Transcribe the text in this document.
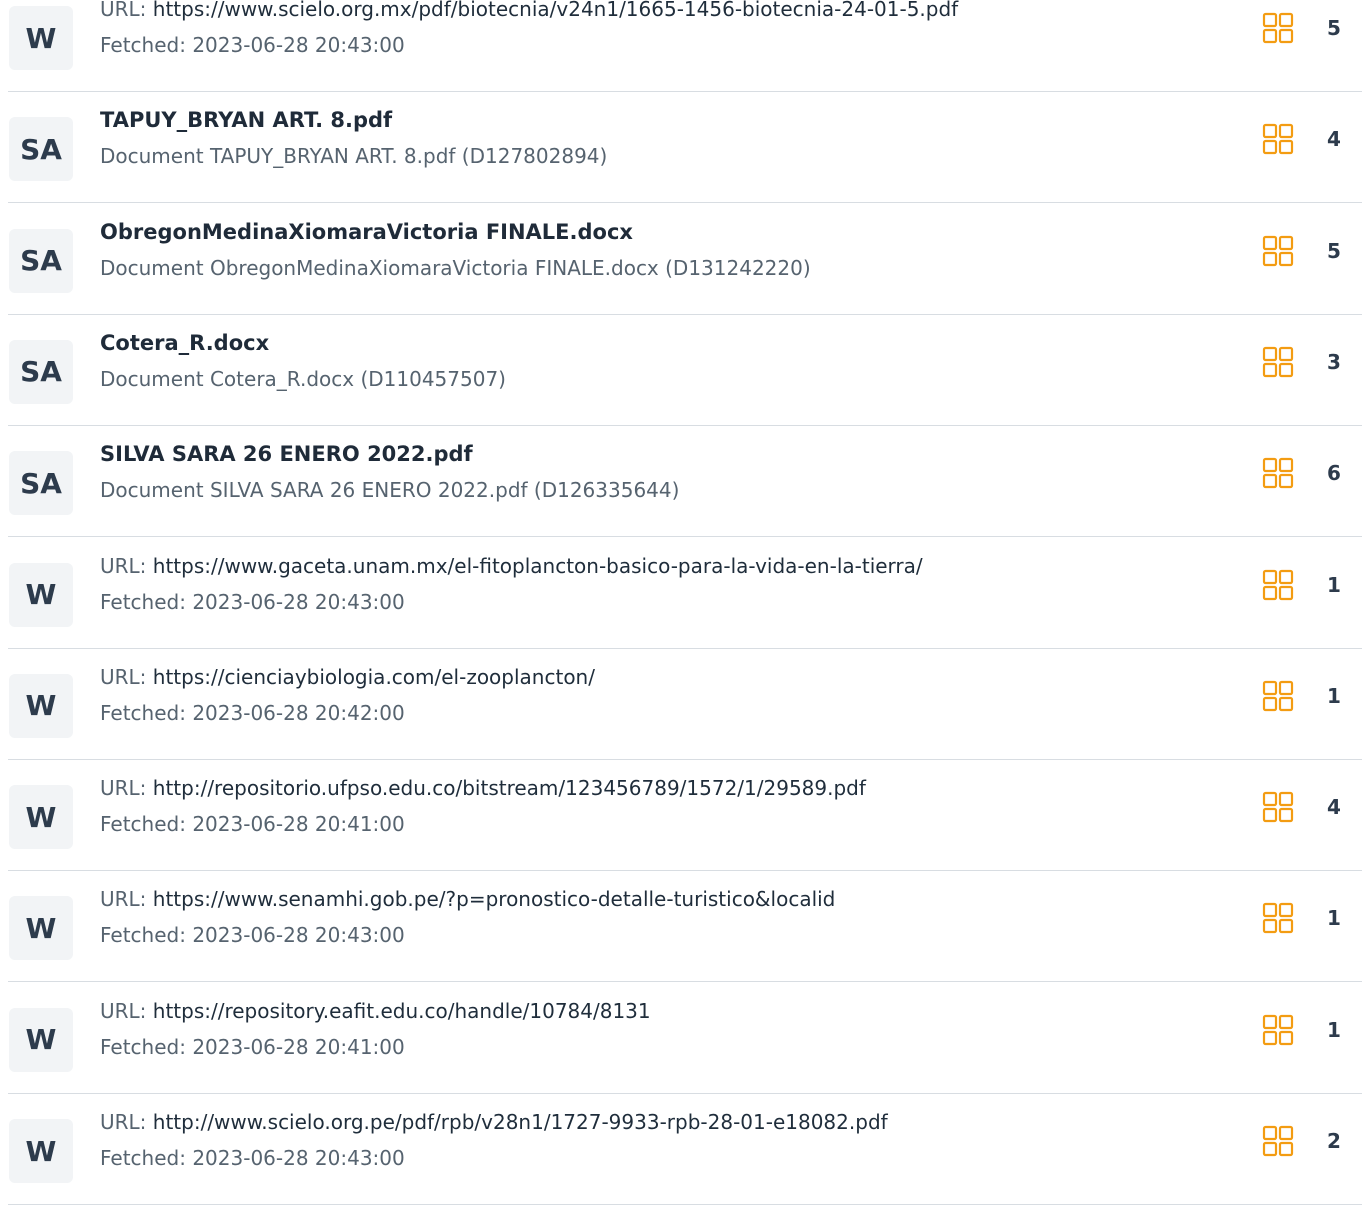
W
URL: https://www.scielo.org.mx/pdf/biotecnia/v24n1/1665-1456-biotecnia-24-01-5.pdf
Fetched: 2023-06-28 20:43:00
5
SA
TAPUY_BRYAN ART. 8.pdf
Document TAPUY_BRYAN ART. 8.pdf (D127802894)
4
SA
ObregonMedinaXiomaraVictoria FINALE.docx
Document ObregonMedinaXiomaraVictoria FINALE.docx (D131242220)
5
SA
Cotera_R.docx
Document Cotera_R.docx (D110457507)
3
SA
SILVA SARA 26 ENERO 2022.pdf
Document SILVA SARA 26 ENERO 2022.pdf (D126335644)
6
W
URL: https://www.gaceta.unam.mx/el-fitoplancton-basico-para-la-vida-en-la-tierra/
Fetched: 2023-06-28 20:43:00
1
W
URL: https://cienciaybiologia.com/el-zooplancton/
Fetched: 2023-06-28 20:42:00
1
W
URL: http://repositorio.ufpso.edu.co/bitstream/123456789/1572/1/29589.pdf
Fetched: 2023-06-28 20:41:00
4
W
URL: https://www.senamhi.gob.pe/?p=pronostico-detalle-turistico&localid
Fetched: 2023-06-28 20:43:00
1
W
URL: https://repository.eafit.edu.co/handle/10784/8131
Fetched: 2023-06-28 20:41:00
1
W
URL: http://www.scielo.org.pe/pdf/rpb/v28n1/1727-9933-rpb-28-01-e18082.pdf
Fetched: 2023-06-28 20:43:00
2
